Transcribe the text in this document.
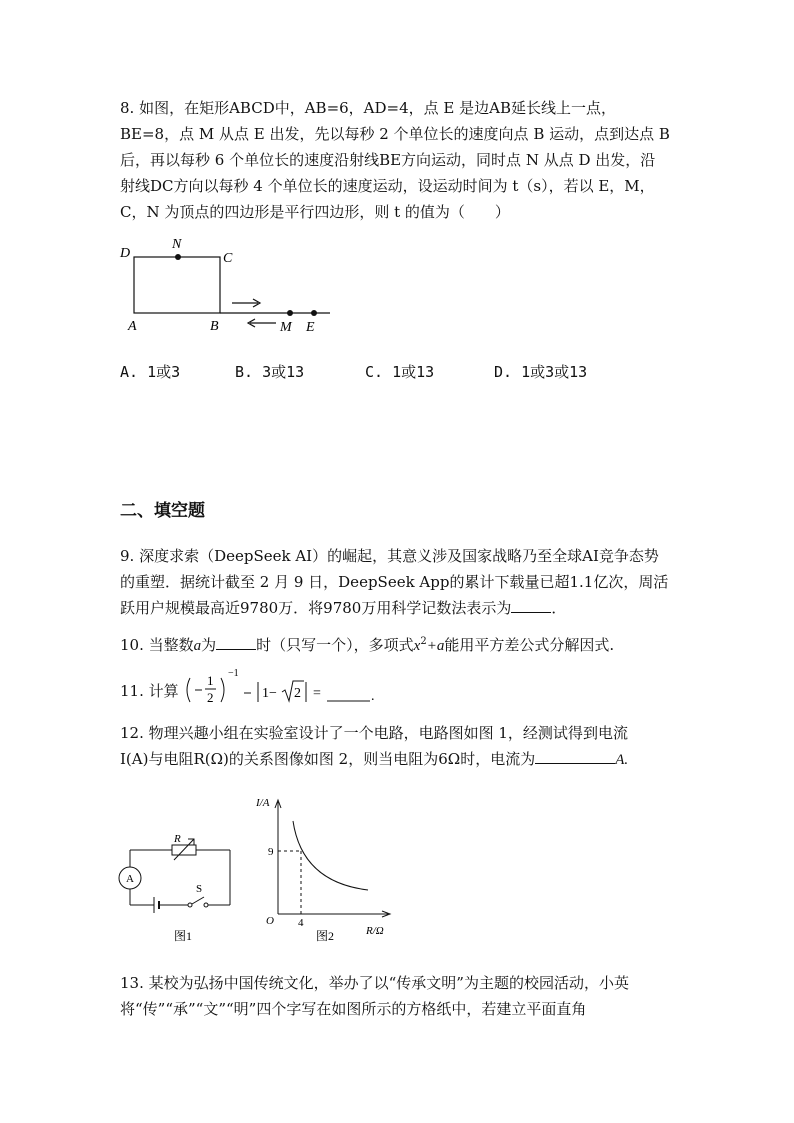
8. 如图，在矩形ABCD中，AB=6，AD=4，点 E 是边AB延长线上一点，
BE=8，点 M 从点 E 出发，先以每秒 2 个单位长的速度向点 B 运动，点到达点 B
后，再以每秒 6 个单位长的速度沿射线BE方向运动，同时点 N 从点 D 出发，沿
射线DC方向以每秒 4 个单位长的速度运动，设运动时间为 t（s），若以 E，M，
C，N 为顶点的四边形是平行四边形，则 t 的值为（　　）
D
N
C
A	B	M E
A. 1或3	B. 3或13	C. 1或13	D. 1或3或13
二、填空题
9. 深度求索（DeepSeek AI）的崛起，其意义涉及国家战略乃至全球AI竞争态势
的重塑．据统计截至 2 月 9 日，DeepSeek App的累计下载量已超1.1亿次，周活
跃用户规模最高近9780万．将9780万用科学记数法表示为	．
10. 当整数a为	时（只写一个），多项式$x^2+a$能用平方差公式分解因式.
11. 计算
1
2
−1
1− 2 =	.
12. 物理兴趣小组在实验室设计了一个电路，电路图如图 1，经测试得到电流
I(A)与电阻R(Ω)的关系图像如图 2，则当电阻为6Ω时，电流为	A.
R
A
S
图1
I/A
R/Ω
O 4
9
图2
13. 某校为弘扬中国传统文化，举办了以“传承文明”为主题的校园活动，小英
将“传”“承”“文”“明”四个字写在如图所示的方格纸中，若建立平面直角
